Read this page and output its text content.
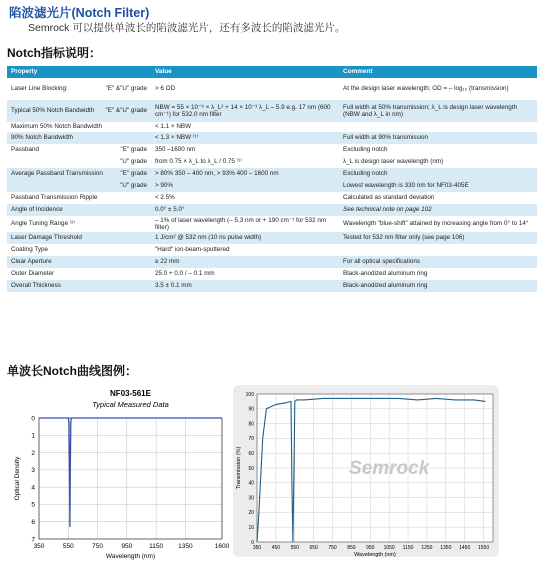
陷波滤光片(Notch Filter)
Semrock 可以提供单波长的陷波滤光片，还有多波长的陷波滤光片。
Notch指标说明：
Property	Value	Comment

Laser Line Blocking: "E" &"U" grade	> 6 OD	At the design laser wavelength; OD = – log₁₀ (transmission)

Typical 50% Notch Bandwidth "E" &"U" grade	NBW = 55 × 10⁻⁶ × λ_L² + 14 × 10⁻³ λ_L – 5.9 e.g. 17 nm (600 cm⁻¹) for 532.0 nm filter	Full width at 50% transmission; λ_L is design laser wavelength (NBW and λ_L in nm)

Maximum 50% Notch Bandwidth	< 1.1 × NBW	

90% Notch Bandwidth	< 1.3 × NBW ⁽¹⁾	Full width at 90% transmission

Passband "E" grade	350 –1600 nm	Excluding notch

"U" grade	from 0.75 × λ_L to λ_L / 0.75 ⁽¹⁾	λ_L is design laser wavelength (nm)

Average Passband Transmission "E" grade	> 80% 350 – 400 nm, > 93% 400 – 1600 nm	Excluding notch

"U" grade	> 90%	Lowest wavelength is 330 nm for NF03-405E

Passband Transmission Ripple	< 2.5%	Calculated as standard deviation

Angle of Incidence	0.0° ± 5.0°	See technical note on page 102

Angle Tuning Range ⁽²⁾	– 1% of laser wavelength (– 5.3 nm or + 190 cm⁻¹ for 532 nm filter)	Wavelength "blue-shift" attained by increasing angle from 0° to 14°

Laser Damage Threshold	1 J/cm² @ 532 nm (10 ns pulse width)	Tested for 532 nm filter only (see page 106)

Coating Type	"Hard" ion-beam-sputtered	

Clear Aperture	≥ 22 mm	For all optical specifications

Outer Diameter	25.0 + 0.0 / – 0.1 mm	Black-anodized aluminum ring

Overall Thickness	3.5 ± 0.1 mm	Black-anodized aluminum ring
单波长Notch曲线图例：
NF03-561E
Typical Measured Data
350	550	750	950	1150 1350	1600
0
1
2
3
4
5
6
7
Wavelength (nm)
Optical Density
350 450 550 650 750 850 950 1050 1150 1250 1350 1450 1550
0
10
20
30
40
50
60
70
80
90
100
Semrock
Wavelength (nm)
Transmission (%)
